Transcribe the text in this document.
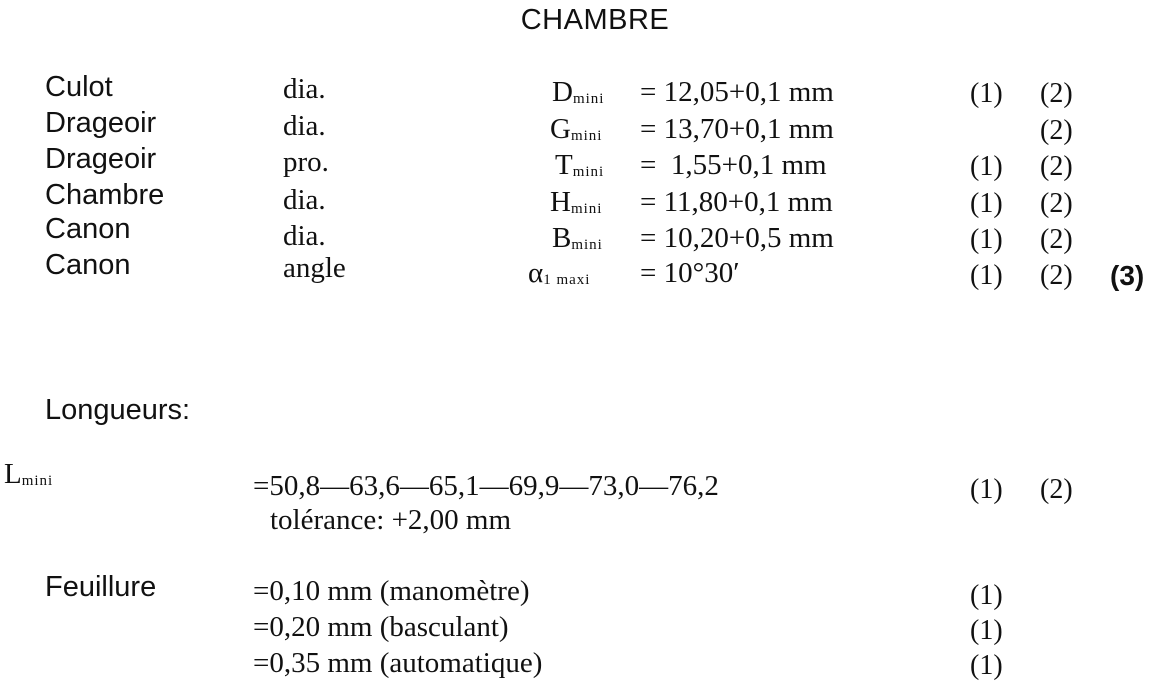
CHAMBRE
Culot	dia.	Dmini = 12,05+0,1 mm	(1) (2)
Drageoir	dia.	Gmini = 13,70+0,1 mm	(2)
Drageoir	pro.	Tmini =  1,55+0,1 mm	(1) (2)
Chambre	dia.	Hmini = 11,80+0,1 mm	(1) (2)
Canon	dia.	Bmini = 10,20+0,5 mm	(1) (2)
Canon	angle	α1 maxi = 10°30′	(1) (2) (3)
Longueurs:
Lmini	=50,8—63,6—65,1—69,9—73,0—76,2	(1) (2)
tolérance: +2,00 mm
Feuillure	=0,10 mm (manomètre)	(1)
=0,20 mm (basculant)	(1)
=0,35 mm (automatique)	(1)
